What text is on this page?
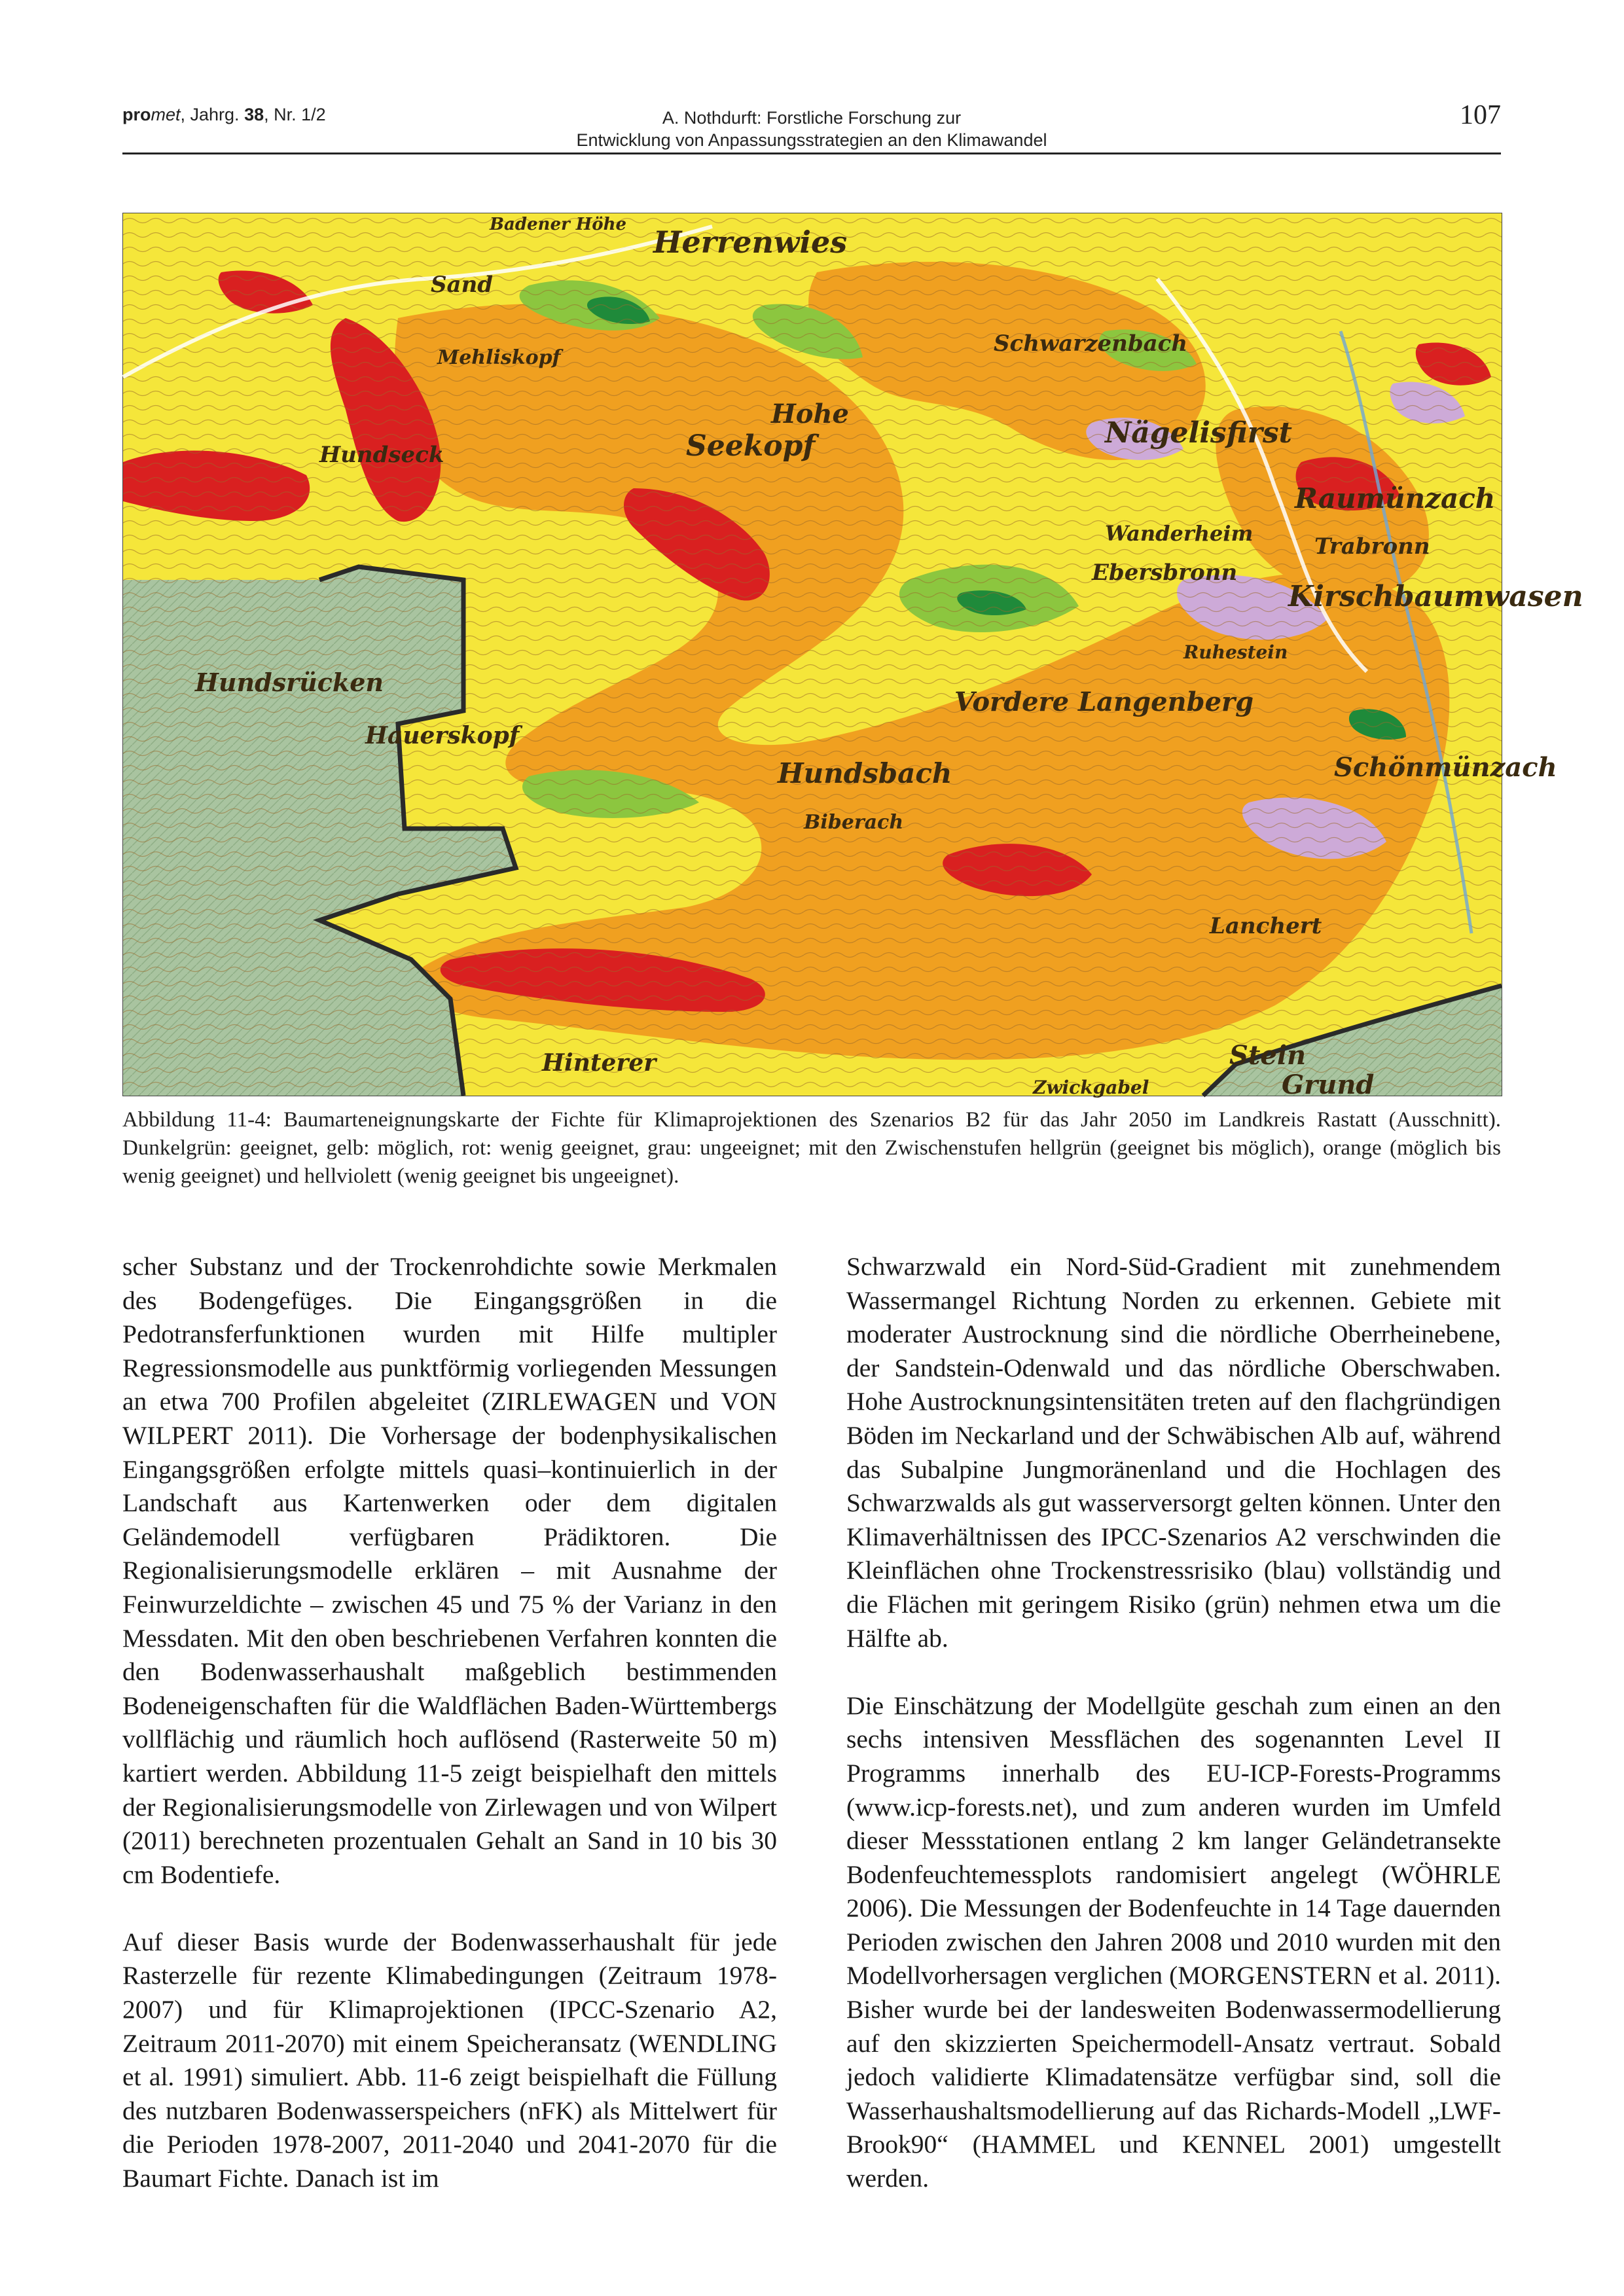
promet, Jahrg. 38, Nr. 1/2	A. Nothdurft: Forstliche Forschung zur
Entwicklung von Anpassungsstrategien an den Klimawandel
107
Herrenwies
Sand
Schwarzenbach
Hohe
Nägelisfirst
Seekopf
Hundseck
Wanderheim
Ebersbronn
Raumünzach
Kirschbaumwasen
Hundsrücken
Hauerskopf
Hundsbach
Vordere Langenberg
Biberach
Schönmünzach
Lanchert
Hinterer	Stein
Grund
Zwickgabel
Badener Höhe
Mehliskopf
Trabronn
Ruhestein
Abbildung 11-4: Baumarteneignungskarte der Fichte für Klimaprojektionen des Szenarios B2 für das Jahr 2050 im Landkreis Rastatt (Ausschnitt). Dunkelgrün: geeignet, gelb: möglich, rot: wenig geeignet, grau: ungeeignet; mit den Zwischenstufen hellgrün (geeignet bis möglich), orange (möglich bis wenig geeignet) und hellviolett (wenig geeignet bis ungeeignet).

scher Substanz und der Trockenrohdichte sowie Merkmalen des Bodengefüges. Die Eingangsgrößen in die Pedotransferfunktionen wurden mit Hilfe multipler Regressionsmodelle aus punktförmig vorliegenden Messungen an etwa 700 Profilen abgeleitet (ZIRLEWAGEN und VON WILPERT 2011). Die Vorhersage der bodenphysikalischen Eingangsgrößen erfolgte mittels quasi–kontinuierlich in der Landschaft aus Kartenwerken oder dem digitalen Geländemodell verfügbaren Prädiktoren. Die Regionalisierungsmodelle erklären – mit Ausnahme der Feinwurzeldichte – zwischen 45 und 75 % der Varianz in den Messdaten. Mit den oben beschriebenen Verfahren konnten die den Bodenwasserhaushalt maßgeblich bestimmenden Bodeneigenschaften für die Waldflächen Baden-Württembergs vollflächig und räumlich hoch auflösend (Rasterweite 50 m) kartiert werden. Abbildung 11-5 zeigt beispielhaft den mittels der Regionalisierungsmodelle von Zirlewagen und von Wilpert (2011) berechneten prozentualen Gehalt an Sand in 10 bis 30 cm Bodentiefe.

Auf dieser Basis wurde der Bodenwasserhaushalt für jede Rasterzelle für rezente Klimabedingungen (Zeitraum 1978-2007) und für Klimaprojektionen (IPCC-Szenario A2, Zeitraum 2011-2070) mit einem Speicheransatz (WENDLING et al. 1991) simuliert. Abb. 11-6 zeigt beispielhaft die Füllung des nutzbaren Bodenwasserspeichers (nFK) als Mittelwert für die Perioden 1978-2007, 2011-2040 und 2041-2070 für die Baumart Fichte. Danach ist im

Schwarzwald ein Nord-Süd-Gradient mit zunehmendem Wassermangel Richtung Norden zu erkennen. Gebiete mit moderater Austrocknung sind die nördliche Oberrheinebene, der Sandstein-Odenwald und das nördliche Oberschwaben. Hohe Austrocknungsintensitäten treten auf den flachgründigen Böden im Neckarland und der Schwäbischen Alb auf, während das Subalpine Jungmoränenland und die Hochlagen des Schwarzwalds als gut wasserversorgt gelten können. Unter den Klimaverhältnissen des IPCC-Szenarios A2 verschwinden die Kleinflächen ohne Trockenstressrisiko (blau) vollständig und die Flächen mit geringem Risiko (grün) nehmen etwa um die Hälfte ab.

Die Einschätzung der Modellgüte geschah zum einen an den sechs intensiven Messflächen des sogenannten Level II Programms innerhalb des EU-ICP-Forests-Programms (www.icp-forests.net), und zum anderen wurden im Umfeld dieser Messstationen entlang 2 km langer Geländetransekte Bodenfeuchtemessplots randomisiert angelegt (WÖHRLE 2006). Die Messungen der Bodenfeuchte in 14 Tage dauernden Perioden zwischen den Jahren 2008 und 2010 wurden mit den Modellvorhersagen verglichen (MORGENSTERN et al. 2011). Bisher wurde bei der landesweiten Bodenwassermodellierung auf den skizzierten Speichermodell-Ansatz vertraut. Sobald jedoch validierte Klimadatensätze verfügbar sind, soll die Wasserhaushaltsmodellierung auf das Richards-Modell „LWF-Brook90“ (HAMMEL und KENNEL 2001) umgestellt werden.
